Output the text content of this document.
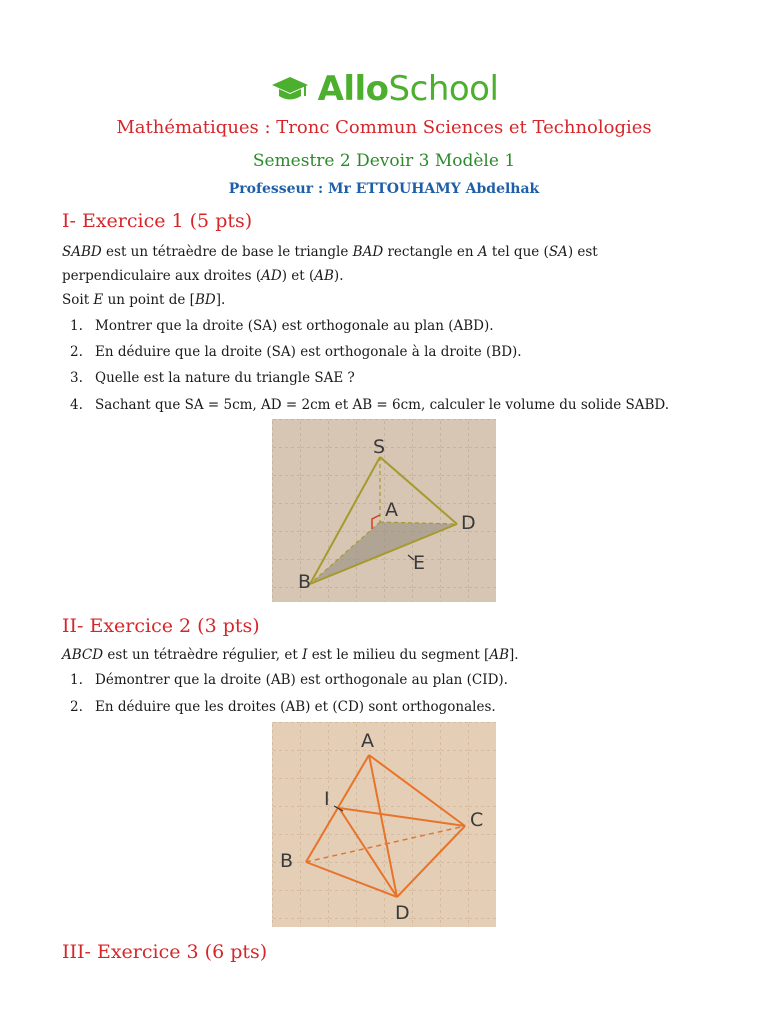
AlloSchool
Mathématiques : Tronc Commun Sciences et Technologies
Semestre 2 Devoir 3 Modèle 1
Professeur : Mr ETTOUHAMY Abdelhak
I- Exercice 1 (5 pts)
SABD est un tétraèdre de base le triangle BAD rectangle en A tel que (SA) est
perpendiculaire aux droites (AD) et (AB).
Soit E un point de [BD].
1. Montrer que la droite (SA) est orthogonale au plan (ABD).
2. En déduire que la droite (SA) est orthogonale à la droite (BD).
3. Quelle est la nature du triangle SAE ?
4. Sachant que SA = 5cm, AD = 2cm et AB = 6cm, calculer le volume du solide SABD.
S
A
D
E
B
II- Exercice 2 (3 pts)
ABCD est un tétraèdre régulier, et I est le milieu du segment [AB].
1. Démontrer que la droite (AB) est orthogonale au plan (CID).
2. En déduire que les droites (AB) et (CD) sont orthogonales.
A
I
C
B
D
III- Exercice 3 (6 pts)
